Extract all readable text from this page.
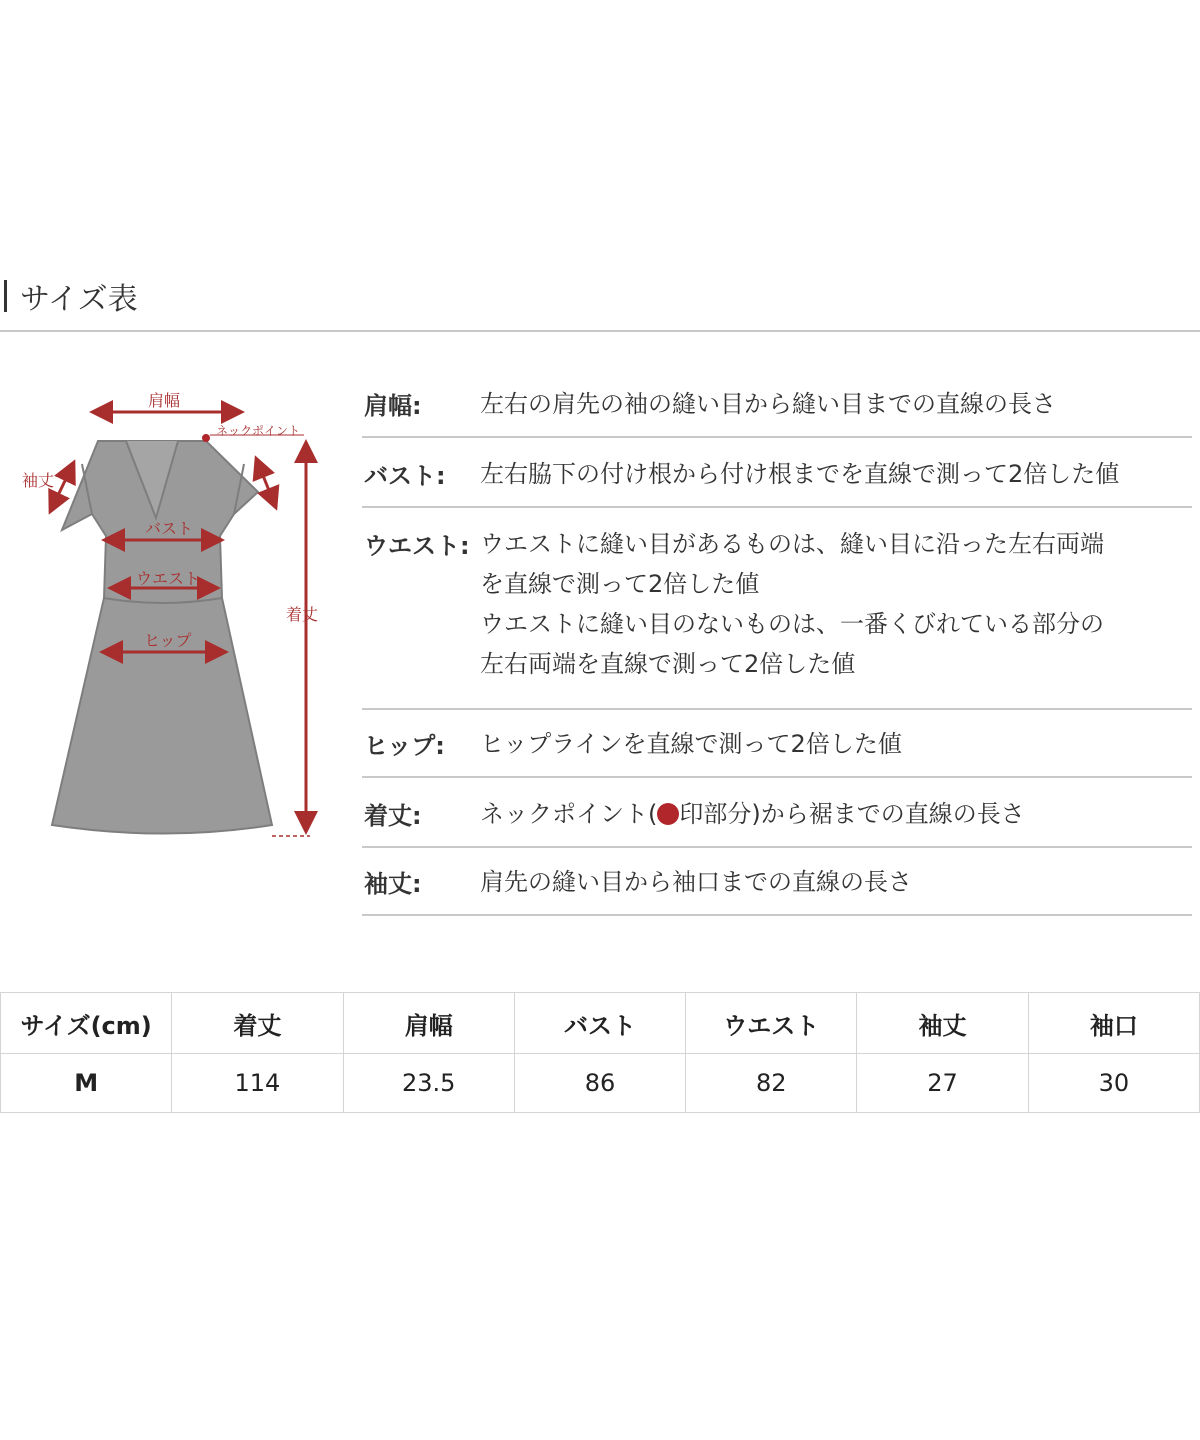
サイズ表
肩幅
ネックポイント
袖丈
バスト
ウエスト
ヒップ
着丈
肩幅: 左右の肩先の袖の縫い目から縫い目までの直線の長さ
バスト: 左右脇下の付け根から付け根までを直線で測って2倍した値
ウエスト: ウエストに縫い目があるものは、縫い目に沿った左右両端
を直線で測って2倍した値
ウエストに縫い目のないものは、一番くびれている部分の
左右両端を直線で測って2倍した値
ヒップ: ヒップラインを直線で測って2倍した値
着丈: ネックポイント( 印部分)から裾までの直線の長さ
袖丈: 肩先の縫い目から袖口までの直線の長さ
サイズ(cm)	着丈	肩幅	バスト	ウエスト	袖丈	袖口
M	114	23.5	86	82	27	30
